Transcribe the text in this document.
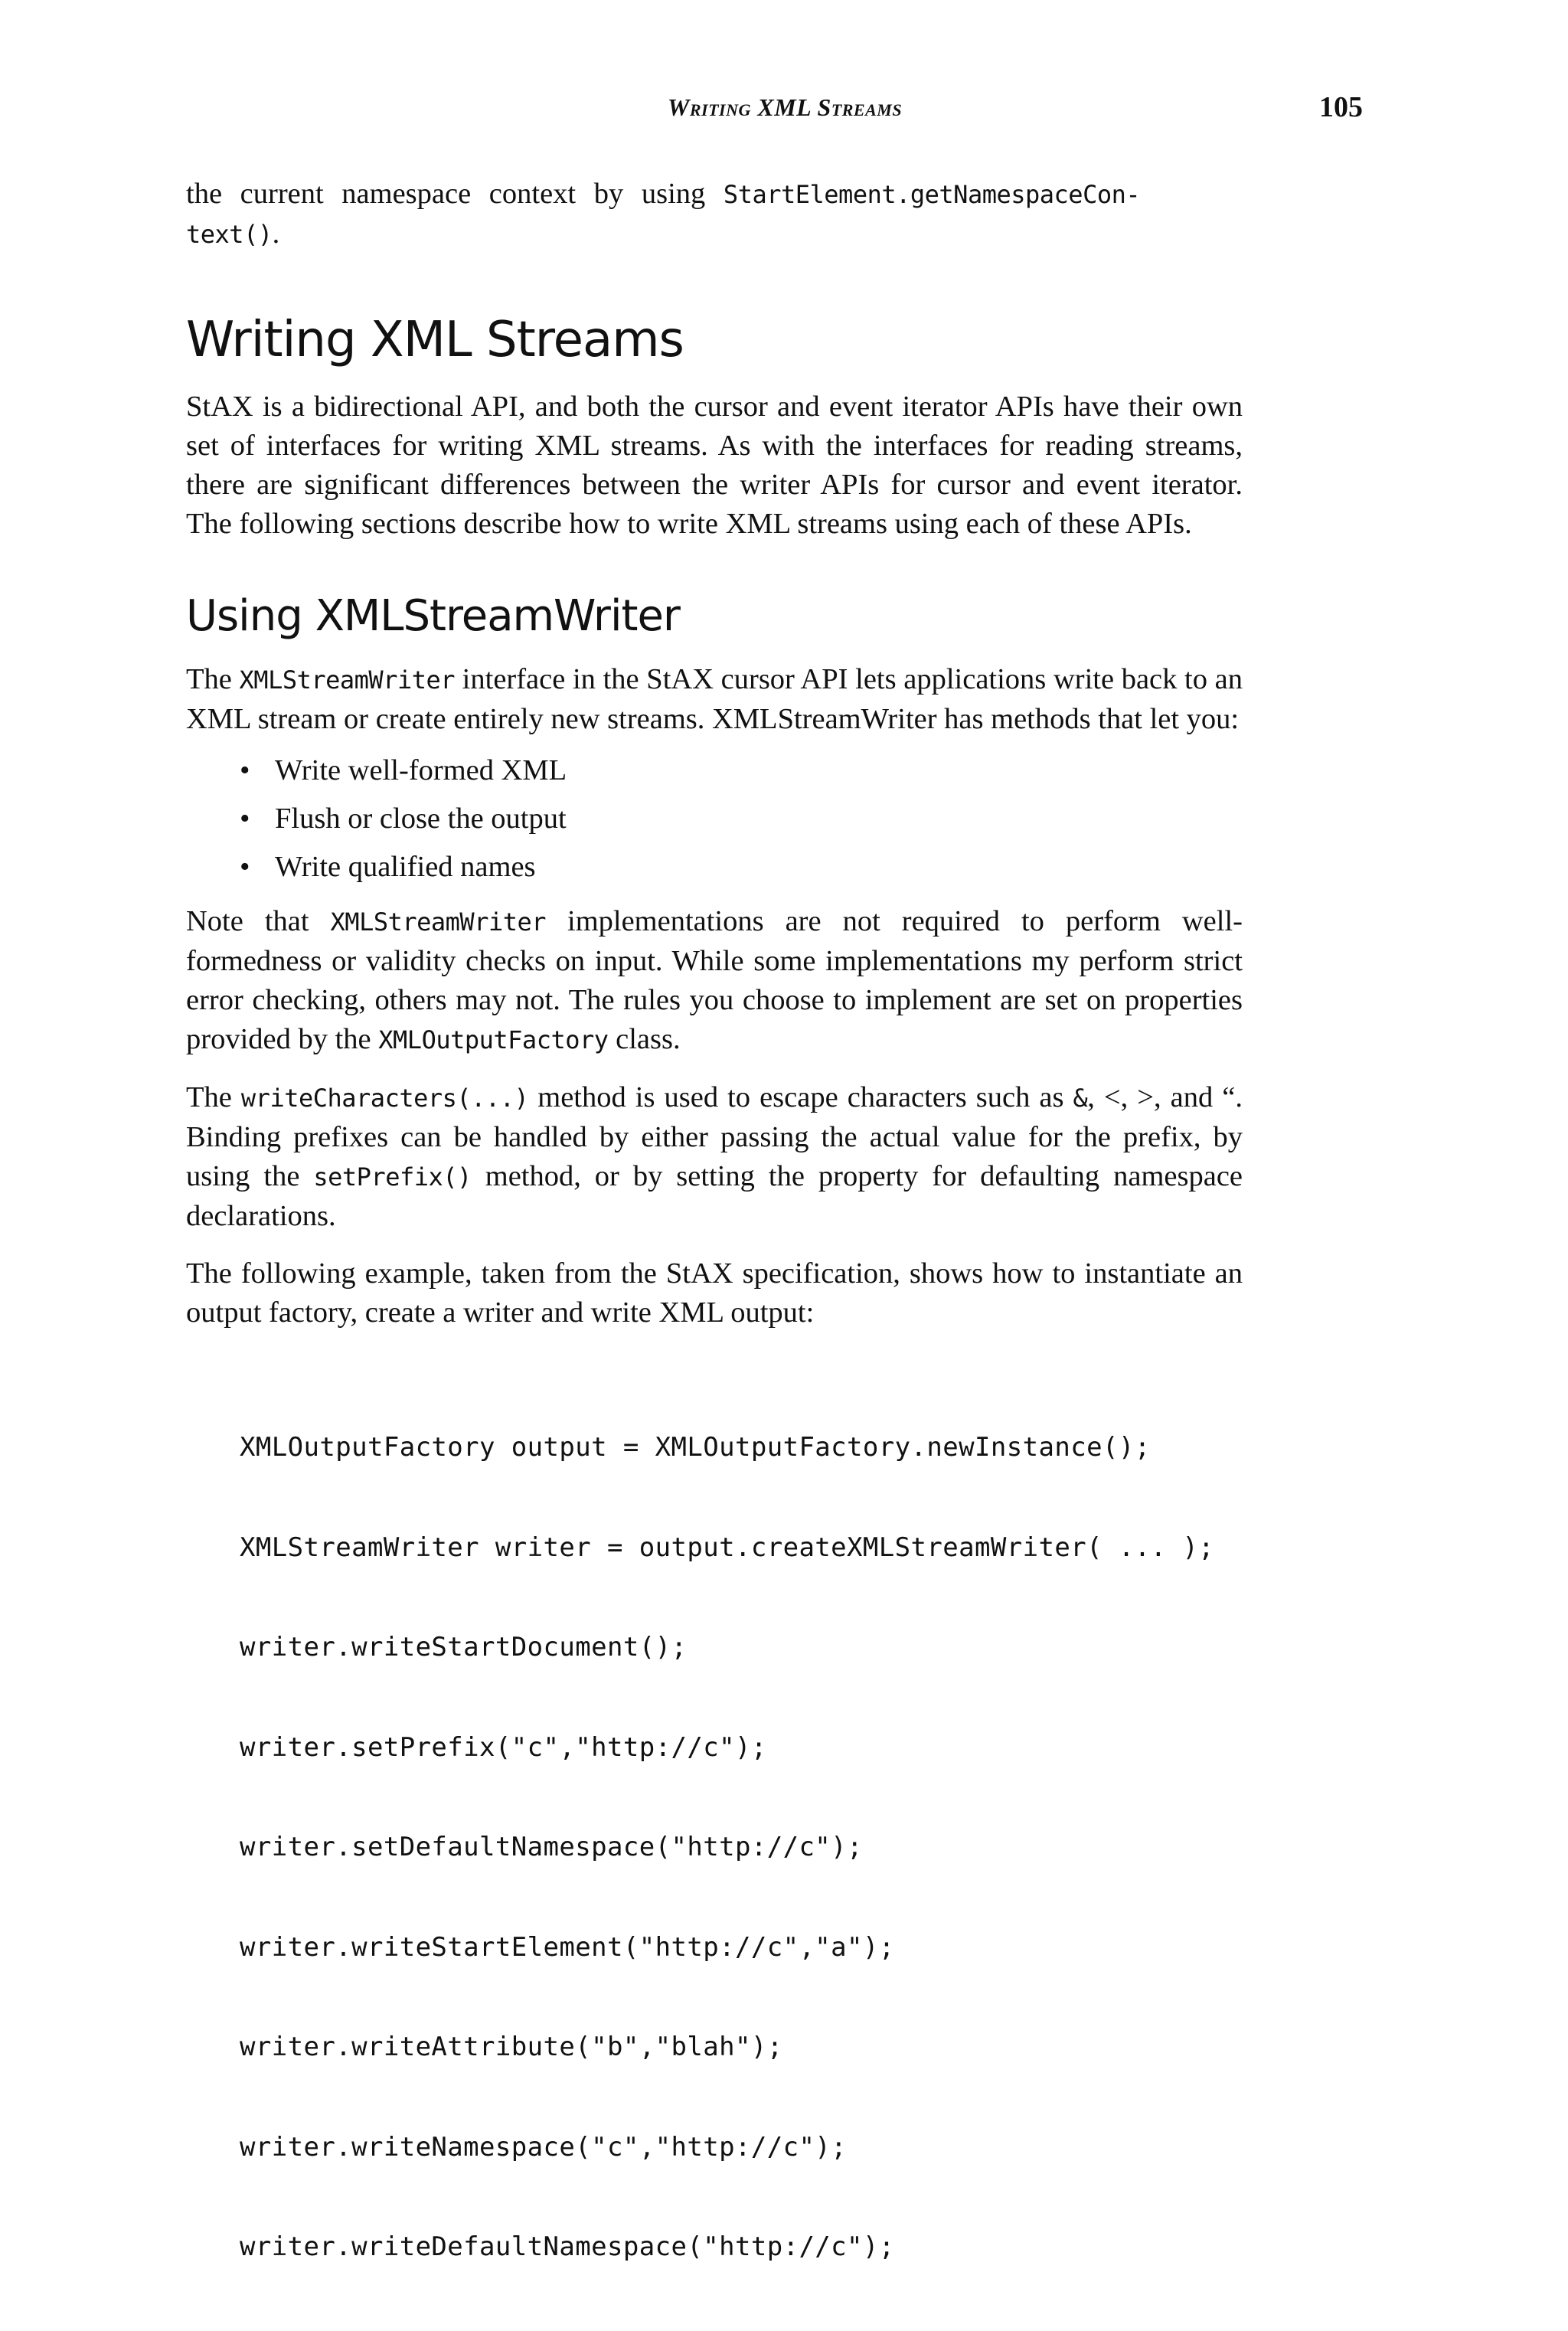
Writing XML Streams	105

the current namespace context by using StartElement.getNamespaceCon-
text().

Writing XML Streams

StAX is a bidirectional API, and both the cursor and event iterator APIs have their own set of interfaces for writing XML streams. As with the interfaces for reading streams, there are significant differences between the writer APIs for cursor and event iterator. The following sections describe how to write XML streams using each of these APIs.

Using XMLStreamWriter

The XMLStreamWriter interface in the StAX cursor API lets applications write back to an XML stream or create entirely new streams. XMLStreamWriter has methods that let you:

• Write well-formed XML
• Flush or close the output
• Write qualified names

Note that XMLStreamWriter implementations are not required to perform well-formedness or validity checks on input. While some implementations my perform strict error checking, others may not. The rules you choose to implement are set on properties provided by the XMLOutputFactory class.

The writeCharacters(...) method is used to escape characters such as &, <, >, and “. Binding prefixes can be handled by either passing the actual value for the prefix, by using the setPrefix() method, or by setting the property for defaulting namespace declarations.

The following example, taken from the StAX specification, shows how to instantiate an output factory, create a writer and write XML output:

XMLOutputFactory output = XMLOutputFactory.newInstance();

XMLStreamWriter writer = output.createXMLStreamWriter( ... );

writer.writeStartDocument();

writer.setPrefix("c","http://c");

writer.setDefaultNamespace("http://c");

writer.writeStartElement("http://c","a");

writer.writeAttribute("b","blah");

writer.writeNamespace("c","http://c");

writer.writeDefaultNamespace("http://c");
